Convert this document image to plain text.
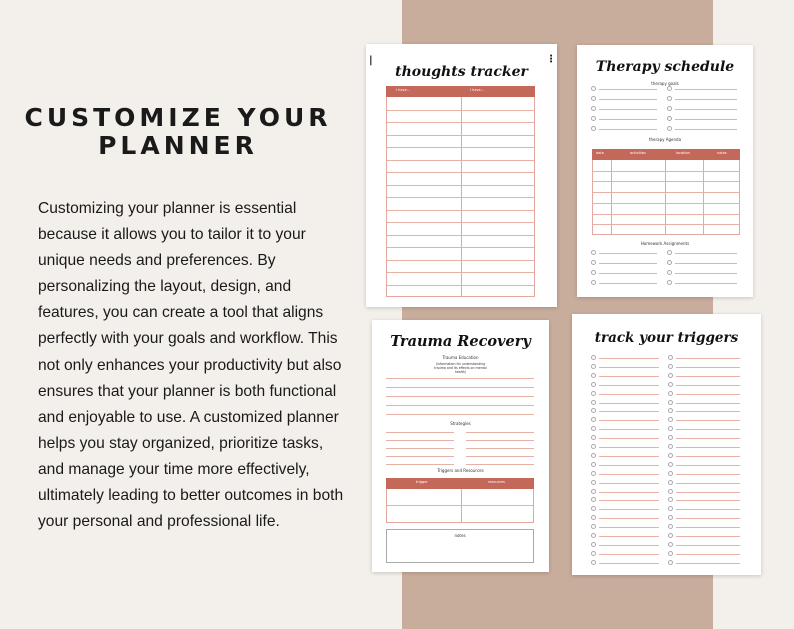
CUSTOMIZE YOUR PLANNER

Customizing your planner is essential because it allows you to tailor it to your unique needs and preferences. By personalizing the layout, design, and features, you can create a tool that aligns perfectly with your goals and workflow. This not only enhances your productivity but also ensures that your planner is both functional and enjoyable to use. A customized planner helps you stay organized, prioritize tasks, and manage your time more effectively, ultimately leading to better outcomes in both your personal and professional life.

|	⋮
thoughts tracker
I have...	I have...
Therapy schedule
therapy goals
therapy Agenda
date	activities	location	notes
Homework Assignments
Trauma Recovery
Trauma Education
(information for understanding trauma and its effects on mental health)
Strategies
Triggers and Resources
trigger	resources
notes
track your triggers
